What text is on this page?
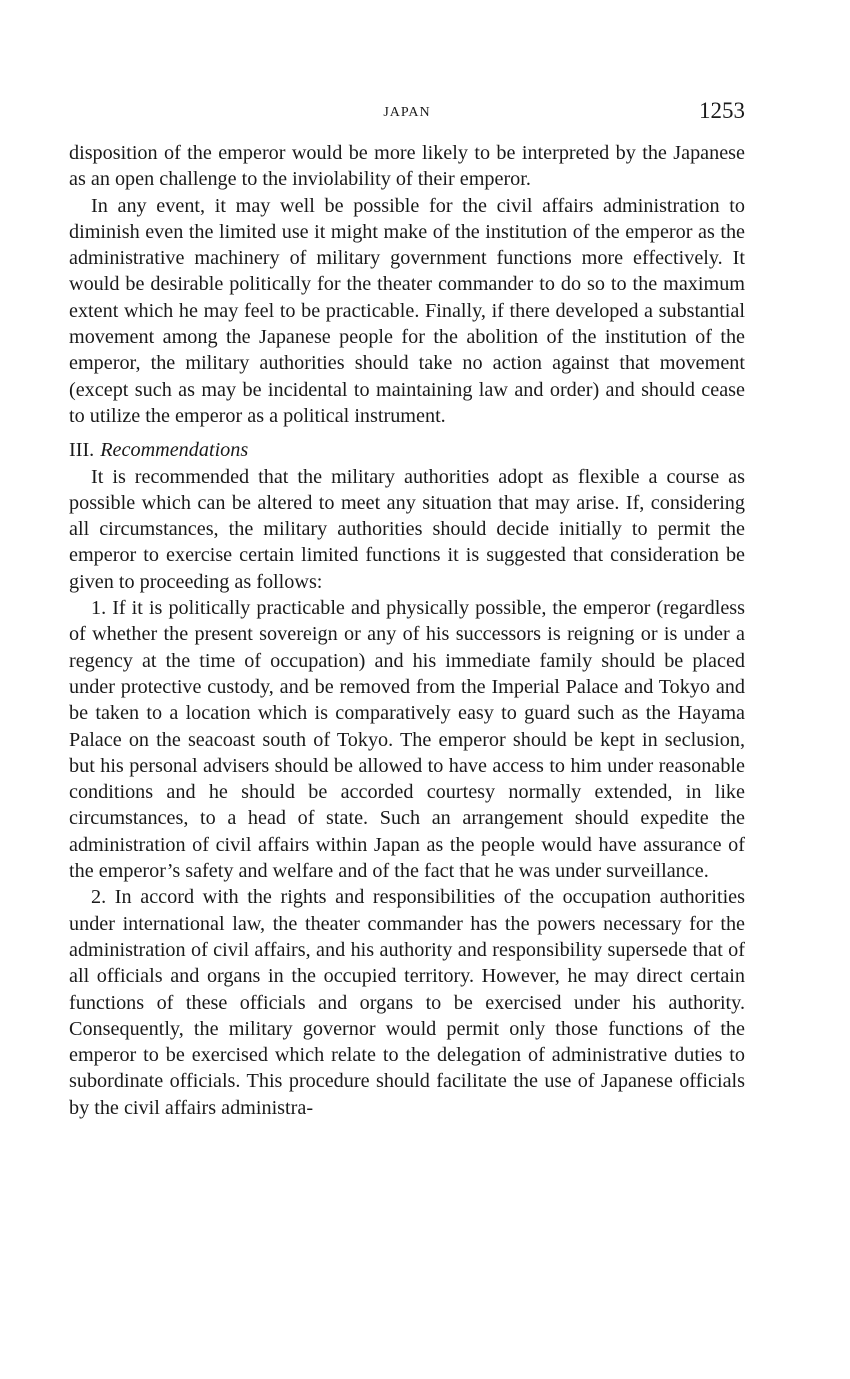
JAPAN	1253

disposition of the emperor would be more likely to be interpreted by the Japanese as an open challenge to the inviolability of their emperor.

In any event, it may well be possible for the civil affairs administration to diminish even the limited use it might make of the institution of the emperor as the administrative machinery of military government functions more effectively. It would be desirable politically for the theater commander to do so to the maximum extent which he may feel to be practicable. Finally, if there developed a substantial movement among the Japanese people for the abolition of the institution of the emperor, the military authorities should take no action against that movement (except such as may be incidental to maintaining law and order) and should cease to utilize the emperor as a political instrument.

III. Recommendations

It is recommended that the military authorities adopt as flexible a course as possible which can be altered to meet any situation that may arise. If, considering all circumstances, the military authorities should decide initially to permit the emperor to exercise certain limited functions it is suggested that consideration be given to proceeding as follows:

1. If it is politically practicable and physically possible, the emperor (regardless of whether the present sovereign or any of his successors is reigning or is under a regency at the time of occupation) and his immediate family should be placed under protective custody, and be removed from the Imperial Palace and Tokyo and be taken to a location which is comparatively easy to guard such as the Hayama Palace on the seacoast south of Tokyo. The emperor should be kept in seclusion, but his personal advisers should be allowed to have access to him under reasonable conditions and he should be accorded courtesy normally extended, in like circumstances, to a head of state. Such an arrangement should expedite the administration of civil affairs within Japan as the people would have assurance of the emperor’s safety and welfare and of the fact that he was under surveillance.

2. In accord with the rights and responsibilities of the occupation authorities under international law, the theater commander has the powers necessary for the administration of civil affairs, and his authority and responsibility supersede that of all officials and organs in the occupied territory. However, he may direct certain functions of these officials and organs to be exercised under his authority. Consequently, the military governor would permit only those functions of the emperor to be exercised which relate to the delegation of administrative duties to subordinate officials. This procedure should facilitate the use of Japanese officials by the civil affairs administra-
